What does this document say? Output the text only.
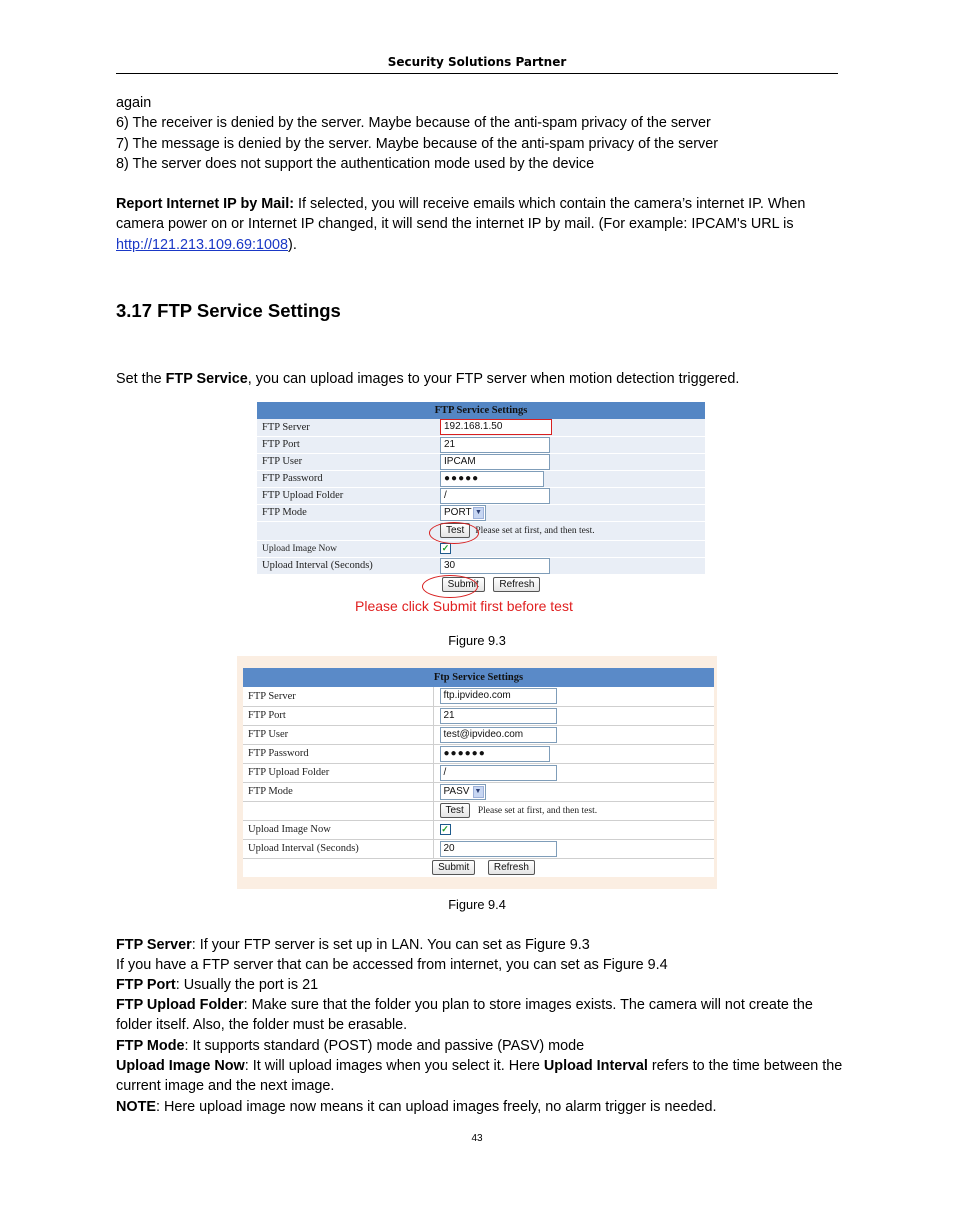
Security Solutions Partner
again
6) The receiver is denied by the server. Maybe because of the anti-spam privacy of the server
7) The message is denied by the server. Maybe because of the anti-spam privacy of the server
8) The server does not support the authentication mode used by the device
Report Internet IP by Mail: If selected, you will receive emails which contain the camera’s internet IP. When camera power on or Internet IP changed, it will send the internet IP by mail. (For example: IPCAM's URL is http://121.213.109.69:1008).
3.17 FTP Service Settings
Set the FTP Service, you can upload images to your FTP server when motion detection triggered.
FTP Service Settings	
FTP Server	192.168.1.50
FTP Port	21
FTP User	IPCAM
FTP Password	●●●●●
FTP Upload Folder	/
FTP Mode	PORT ▼

	Test Please set at first, and then test.
Upload Image Now	✓
Upload Interval (Seconds)	30
Submit Refresh	
Please click Submit first before test
Figure 9.3
Ftp Service Settings	
FTP Server	ftp.ipvideo.com
FTP Port	21
FTP User	test@ipvideo.com
FTP Password	●●●●●●
FTP Upload Folder	/
FTP Mode	PASV ▼

	Test Please set at first, and then test.
Upload Image Now	✓
Upload Interval (Seconds)	20
Submit Refresh	
Figure 9.4
FTP Server: If your FTP server is set up in LAN. You can set as Figure 9.3
If you have a FTP server that can be accessed from internet, you can set as Figure 9.4
FTP Port: Usually the port is 21
FTP Upload Folder: Make sure that the folder you plan to store images exists. The camera will not create the folder itself. Also, the folder must be erasable.
FTP Mode: It supports standard (POST) mode and passive (PASV) mode
Upload Image Now: It will upload images when you select it. Here Upload Interval refers to the time between the current image and the next image.
NOTE: Here upload image now means it can upload images freely, no alarm trigger is needed.
43
